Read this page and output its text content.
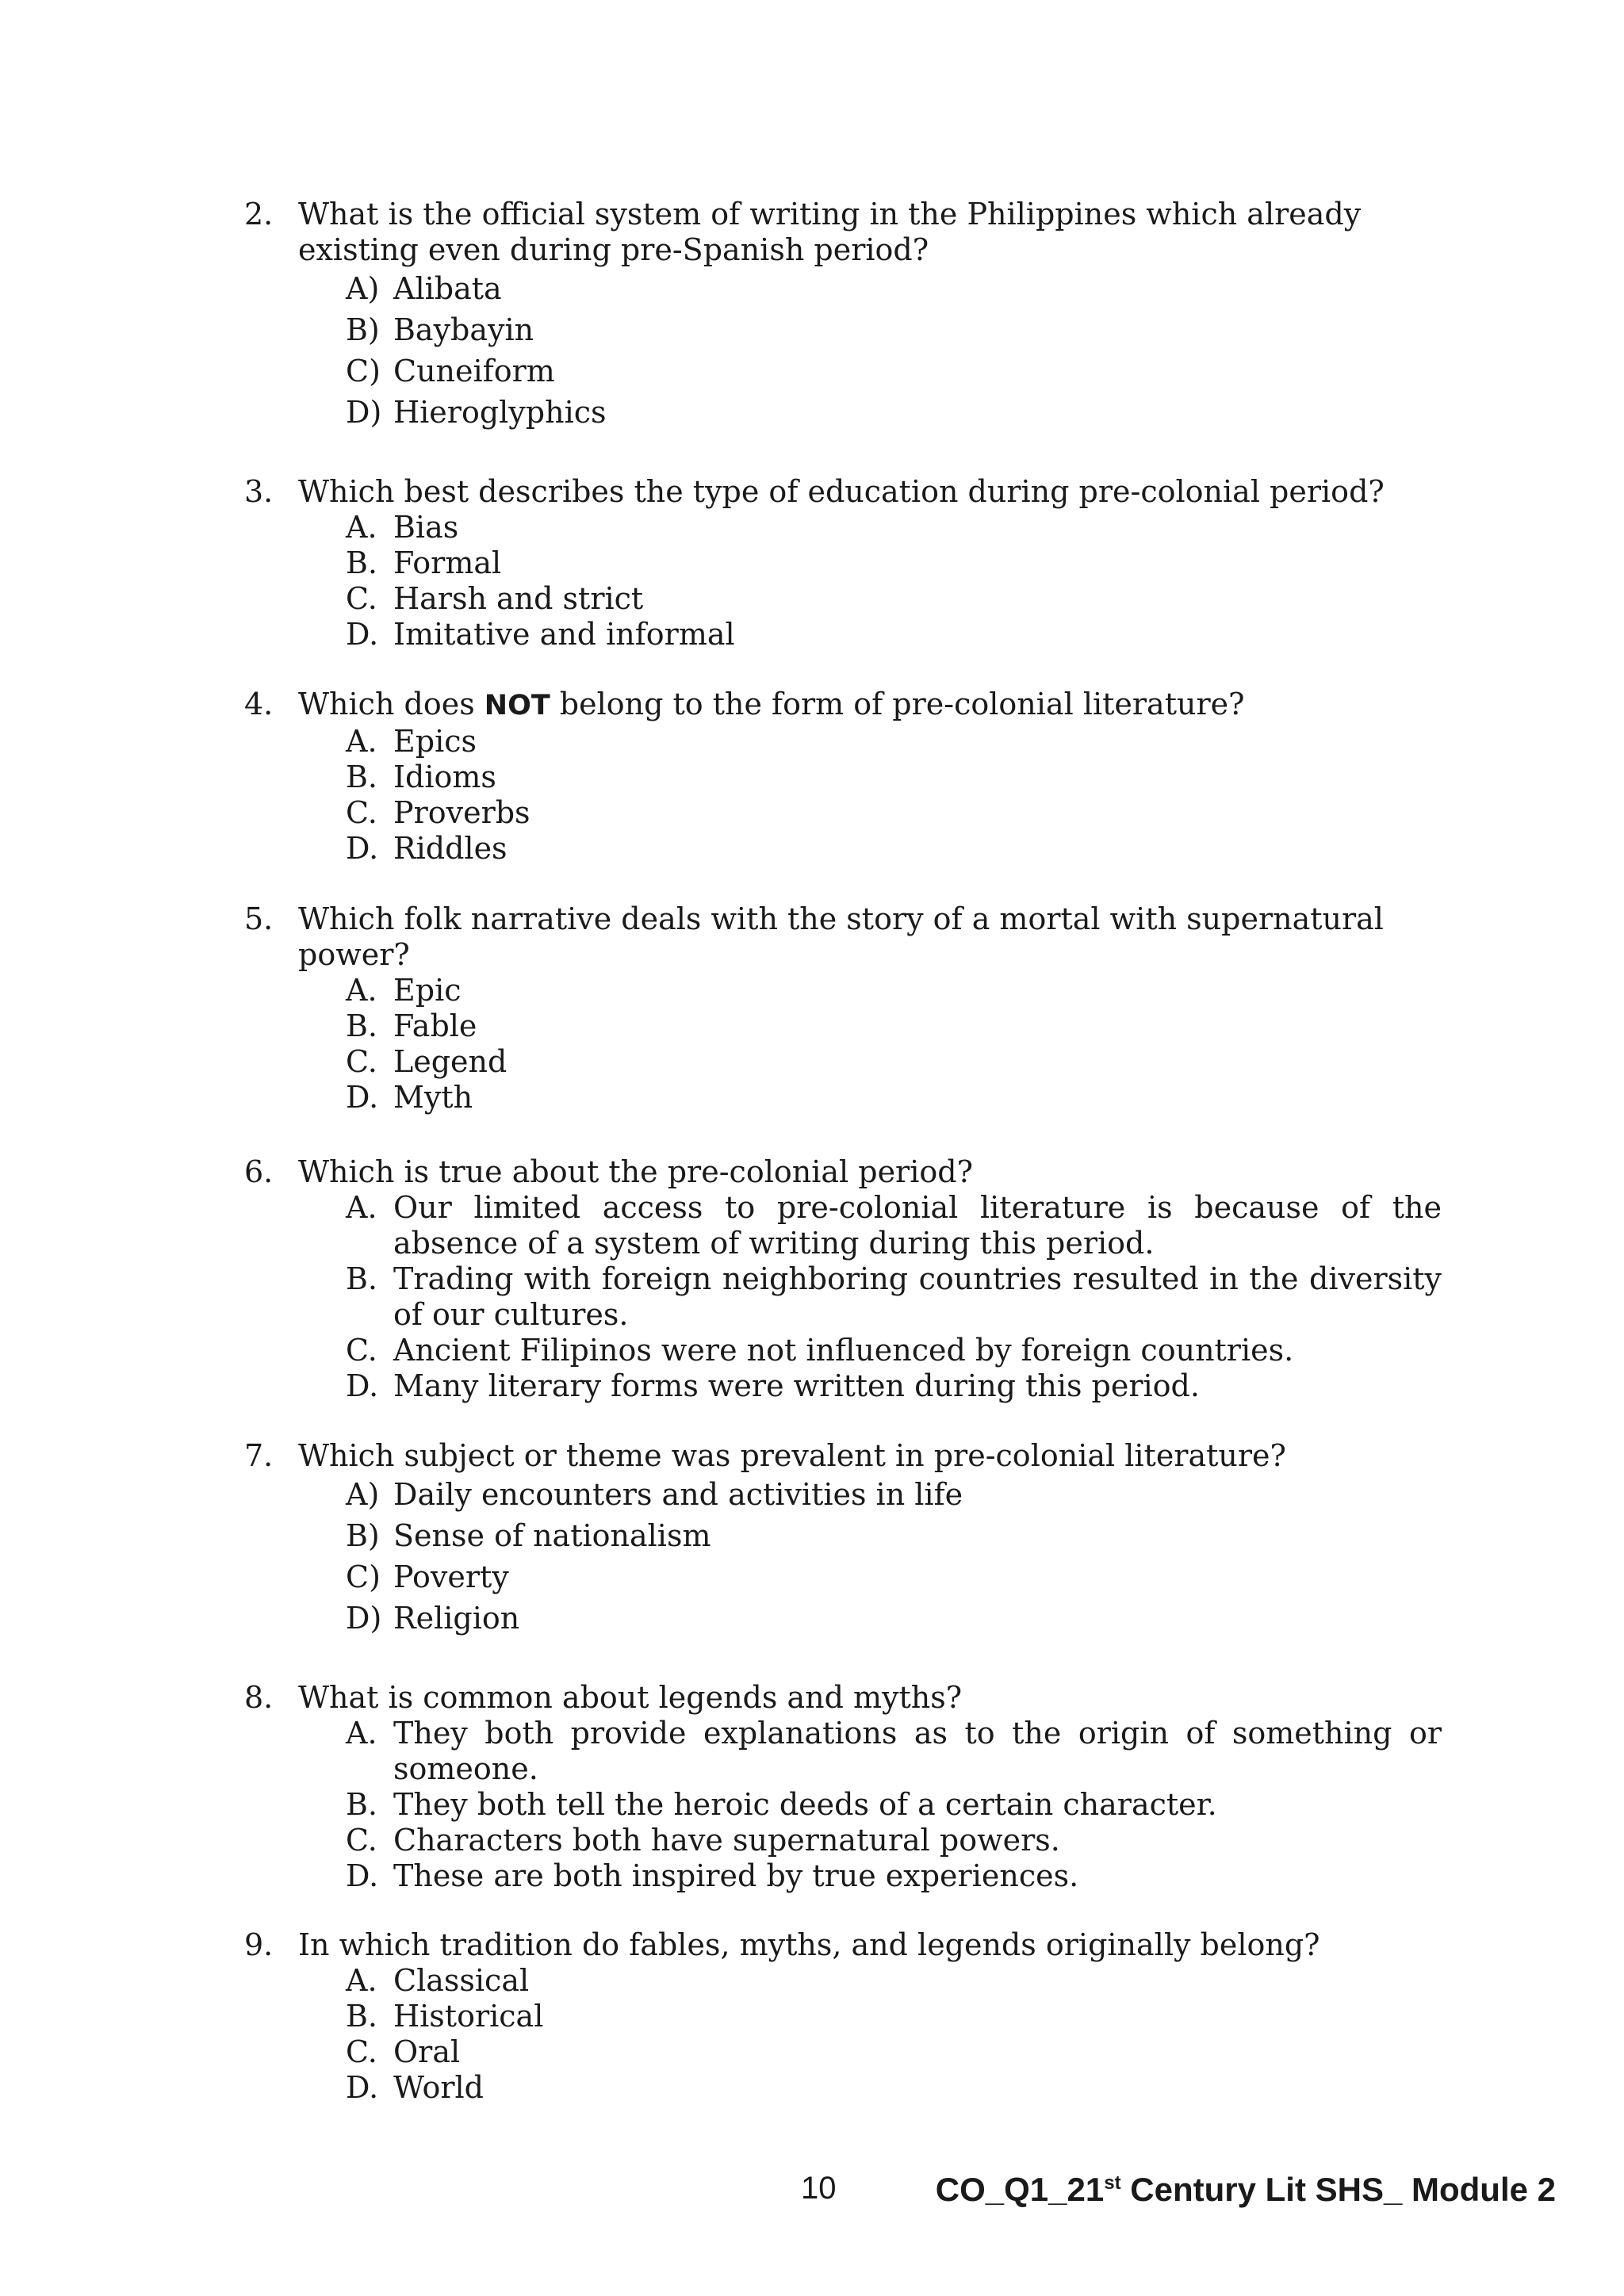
2. What is the official system of writing in the Philippines which already existing even during pre-Spanish period?
A) Alibata
B) Baybayin
C) Cuneiform
D) Hieroglyphics
3. Which best describes the type of education during pre-colonial period?
A. Bias
B. Formal
C. Harsh and strict
D. Imitative and informal
4. Which does NOT belong to the form of pre-colonial literature?
A. Epics
B. Idioms
C. Proverbs
D. Riddles
5. Which folk narrative deals with the story of a mortal with supernatural power?
A. Epic
B. Fable
C. Legend
D. Myth
6. Which is true about the pre-colonial period?
A. Our limited access to pre-colonial literature is because of the absence of a system of writing during this period.
B. Trading with foreign neighboring countries resulted in the diversity of our cultures.
C. Ancient Filipinos were not influenced by foreign countries.
D. Many literary forms were written during this period.
7. Which subject or theme was prevalent in pre-colonial literature?
A) Daily encounters and activities in life
B) Sense of nationalism
C) Poverty
D) Religion
8. What is common about legends and myths?
A. They both provide explanations as to the origin of something or someone.
B. They both tell the heroic deeds of a certain character.
C. Characters both have supernatural powers.
D. These are both inspired by true experiences.
9. In which tradition do fables, myths, and legends originally belong?
A. Classical
B. Historical
C. Oral
D. World
10	CO_Q1_21st Century Lit SHS_ Module 2
